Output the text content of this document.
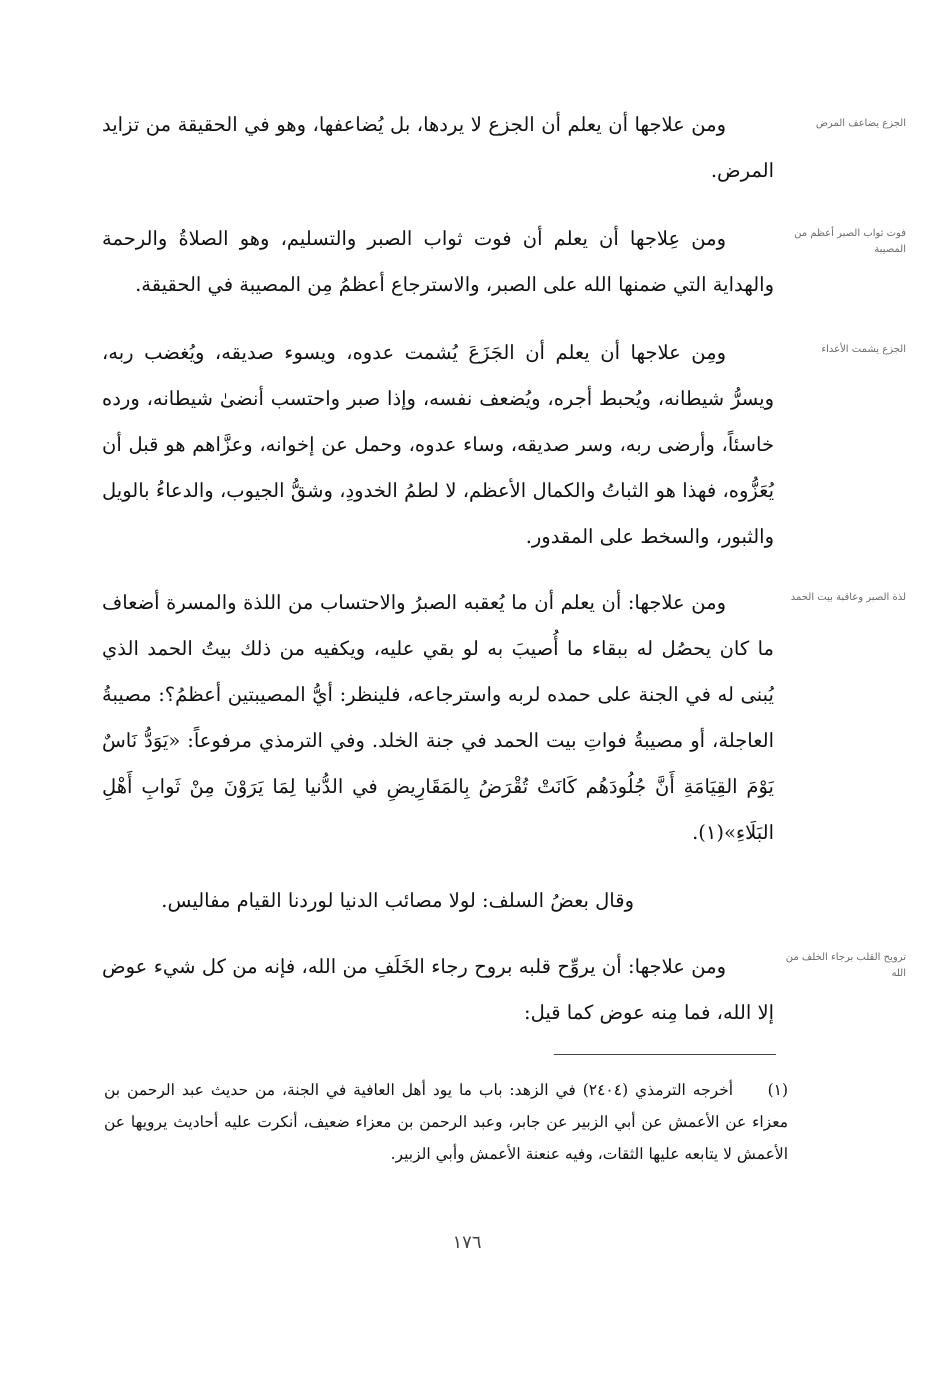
الجزع يضاعف المرض
فوت ثواب الصبر أعظم من المصيبة
الجزع يشمت الأعداء
لذة الصبر وعاقبة بيت الحمد
ترويح القلب برجاء الخلف من الله

ومن علاجها أن يعلم أن الجزع لا يردها، بل يُضاعفها، وهو في الحقيقة من تزايد المرض.

ومن عِلاجها أن يعلم أن فوت ثواب الصبر والتسليم، وهو الصلاةُ والرحمة والهداية التي ضمنها الله على الصبر، والاسترجاع أعظمُ مِن المصيبة في الحقيقة.

ومِن علاجها أن يعلم أن الجَزَعَ يُشمت عدوه، ويسوء صديقه، ويُغضب ربه، ويسرُّ شيطانه، ويُحبط أجره، ويُضعف نفسه، وإذا صبر واحتسب أنضىٰ شيطانه، ورده خاسئاً، وأرضى ربه، وسر صديقه، وساء عدوه، وحمل عن إخوانه، وعزَّاهم هو قبل أن يُعَزُّوه، فهذا هو الثباتُ والكمال الأعظم، لا لطمُ الخدودِ، وشقُّ الجيوب، والدعاءُ بالويل والثبور، والسخط على المقدور.

ومن علاجها: أن يعلم أن ما يُعقبه الصبرُ والاحتساب من اللذة والمسرة أضعاف ما كان يحصُل له ببقاء ما أُصيبَ به لو بقي عليه، ويكفيه من ذلك بيتُ الحمد الذي يُبنى له في الجنة على حمده لربه واسترجاعه، فلينظر: أيُّ المصيبتين أعظمُ؟: مصيبةُ العاجلة، أو مصيبةُ فواتِ بيت الحمد في جنة الخلد. وفي الترمذي مرفوعاً: «يَوَدُّ نَاسٌ يَوْمَ القِيَامَةِ أَنَّ جُلُودَهُم كَانَتْ تُقْرَضُ بِالمَقَارِيضِ في الدُّنيا لِمَا يَرَوْنَ مِنْ ثَوابِ أَهْلِ البَلَاءِ»(١).

وقال بعضُ السلف: لولا مصائب الدنيا لوردنا القيام مفاليس.

ومن علاجها: أن يروِّح قلبه بروح رجاء الخَلَفِ من الله، فإنه من كل شيء عوض إلا الله، فما مِنه عوض كما قيل:

(١) أخرجه الترمذي (٢٤٠٤) في الزهد: باب ما يود أهل العافية في الجنة، من حديث عبد الرحمن بن معزاء عن الأعمش عن أبي الزبير عن جابر، وعبد الرحمن بن معزاء ضعيف، أنكرت عليه أحاديث يرويها عن الأعمش لا يتابعه عليها الثقات، وفيه عنعنة الأعمش وأبي الزبير.
١٧٦
